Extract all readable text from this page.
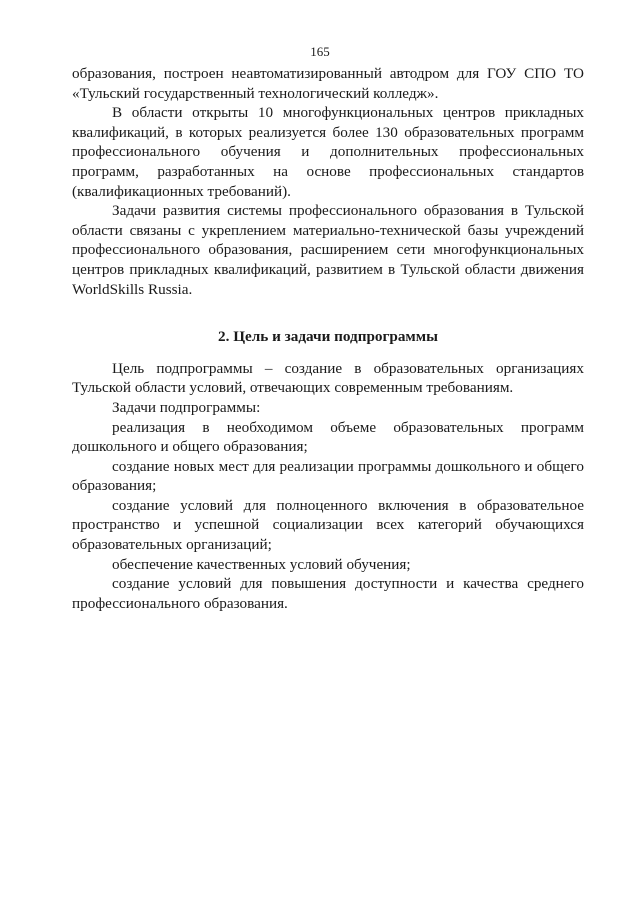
165

образования, построен неавтоматизированный автодром для ГОУ СПО ТО «Тульский государственный технологический колледж».

В области открыты 10 многофункциональных центров прикладных квалификаций, в которых реализуется более 130 образовательных программ профессионального обучения и дополнительных профессиональных программ, разработанных на основе профессиональных стандартов (квалификационных требований).

Задачи развития системы профессионального образования в Тульской области связаны с укреплением материально-технической базы учреждений профессионального образования, расширением сети многофункциональных центров прикладных квалификаций, развитием в Тульской области движения WorldSkills Russia.

2. Цель и задачи подпрограммы

Цель подпрограммы – создание в образовательных организациях Тульской области условий, отвечающих современным требованиям.

Задачи подпрограммы:

реализация в необходимом объеме образовательных программ дошкольного и общего образования;

создание новых мест для реализации программы дошкольного и общего образования;

создание условий для полноценного включения в образовательное пространство и успешной социализации всех категорий обучающихся образовательных организаций;

обеспечение качественных условий обучения;

создание условий для повышения доступности и качества среднего профессионального образования.
